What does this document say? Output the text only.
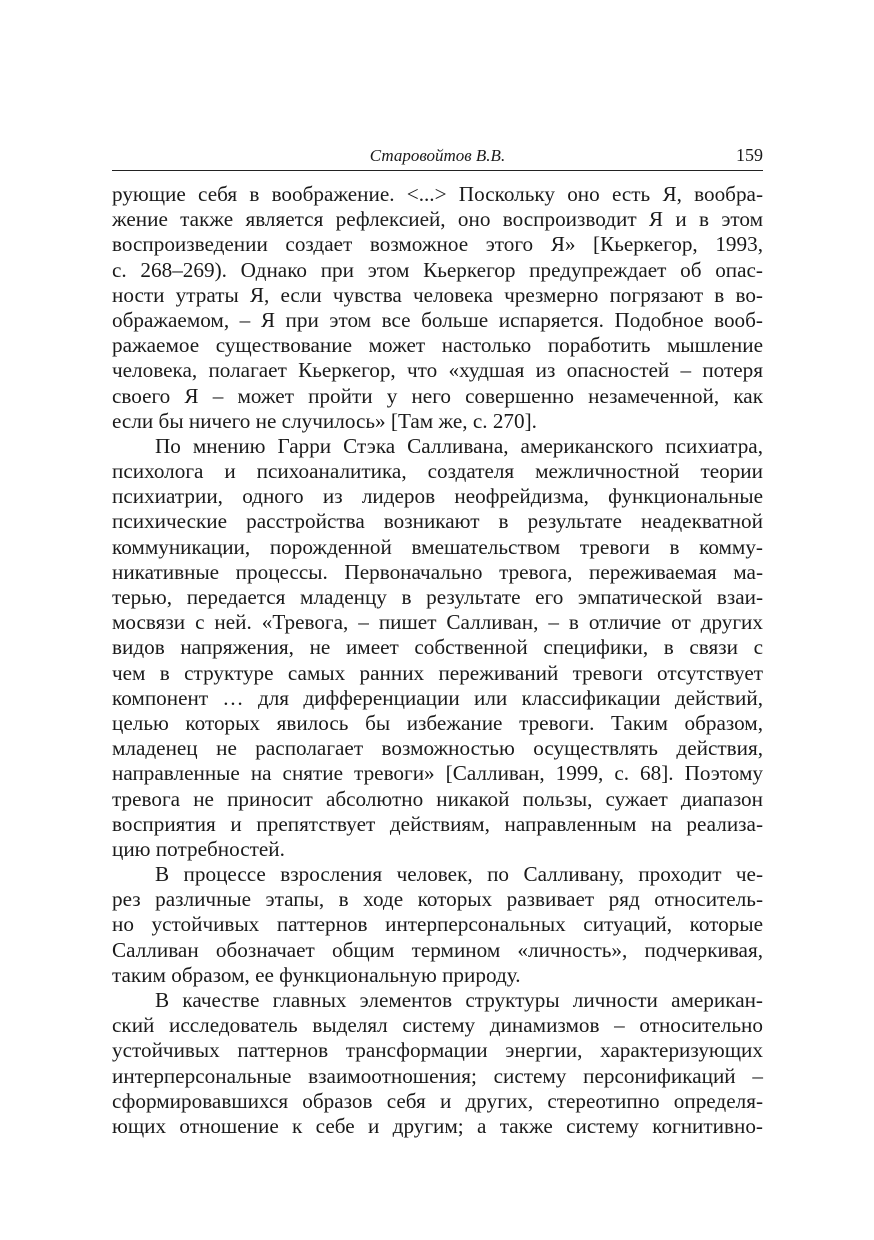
Старовойтов В.В.	159
рующие себя в воображение. <...> Поскольку оно есть Я, вообра-
жение также является рефлексией, оно воспроизводит Я и в этом
воспроизведении создает возможное этого Я» [Кьеркегор, 1993,
с. 268–269). Однако при этом Кьеркегор предупреждает об опас-
ности утраты Я, если чувства человека чрезмерно погрязают в во-
ображаемом, – Я при этом все больше испаряется. Подобное вооб-
ражаемое существование может настолько поработить мышление
человека, полагает Кьеркегор, что «худшая из опасностей – потеря
своего Я – может пройти у него совершенно незамеченной, как
если бы ничего не случилось» [Там же, с. 270].
По мнению Гарри Стэка Салливана, американского психиатра,
психолога и психоаналитика, создателя межличностной теории
психиатрии, одного из лидеров неофрейдизма, функциональные
психические расстройства возникают в результате неадекватной
коммуникации, порожденной вмешательством тревоги в комму-
никативные процессы. Первоначально тревога, переживаемая ма-
терью, передается младенцу в результате его эмпатической взаи-
мосвязи с ней. «Тревога, – пишет Салливан, – в отличие от других
видов напряжения, не имеет собственной специфики, в связи с
чем в структуре самых ранних переживаний тревоги отсутствует
компонент … для дифференциации или классификации действий,
целью которых явилось бы избежание тревоги. Таким образом,
младенец не располагает возможностью осуществлять действия,
направленные на снятие тревоги» [Салливан, 1999, с. 68]. Поэтому
тревога не приносит абсолютно никакой пользы, сужает диапазон
восприятия и препятствует действиям, направленным на реализа-
цию потребностей.
В процессе взросления человек, по Салливану, проходит че-
рез различные этапы, в ходе которых развивает ряд относитель-
но устойчивых паттернов интерперсональных ситуаций, которые
Салливан обозначает общим термином «личность», подчеркивая,
таким образом, ее функциональную природу.
В качестве главных элементов структуры личности американ-
ский исследователь выделял систему динамизмов – относительно
устойчивых паттернов трансформации энергии, характеризующих
интерперсональные взаимоотношения; систему персонификаций –
сформировавшихся образов себя и других, стереотипно определя-
ющих отношение к себе и другим; а также систему когнитивно-
